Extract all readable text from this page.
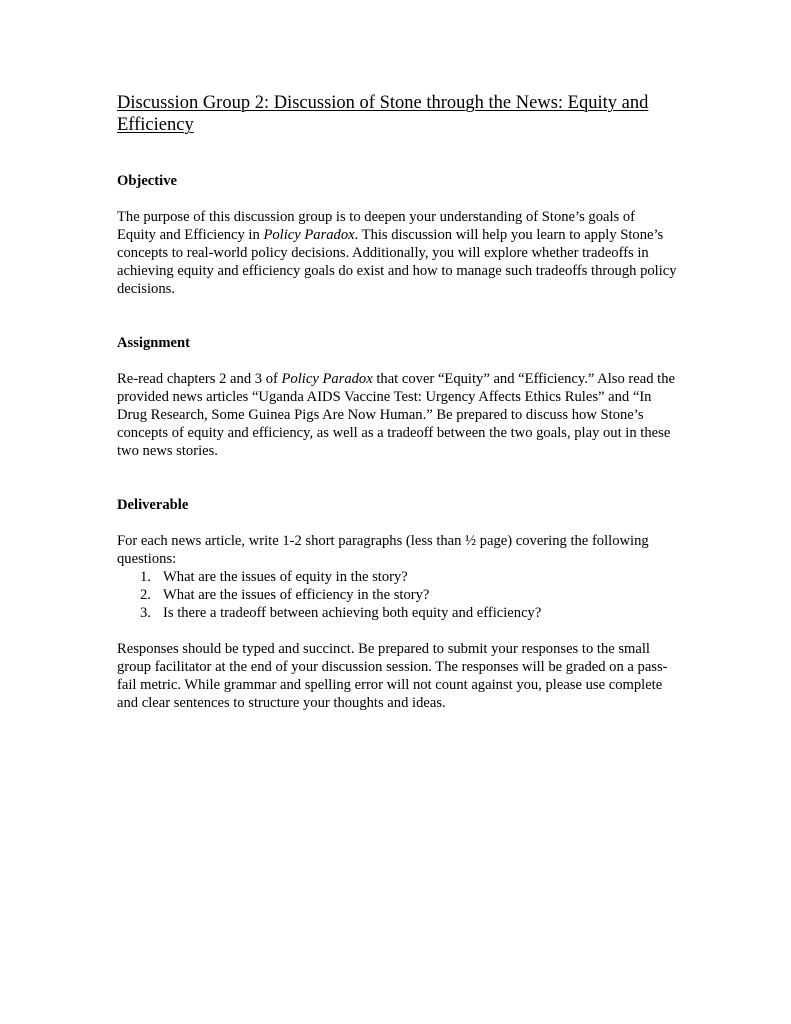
Discussion Group 2: Discussion of Stone through the News: Equity and Efficiency
Objective

The purpose of this discussion group is to deepen your understanding of Stone’s goals of Equity and Efficiency in Policy Paradox. This discussion will help you learn to apply Stone’s concepts to real-world policy decisions. Additionally, you will explore whether tradeoffs in achieving equity and efficiency goals do exist and how to manage such tradeoffs through policy decisions.

Assignment

Re-read chapters 2 and 3 of Policy Paradox that cover “Equity” and “Efficiency.” Also read the provided news articles “Uganda AIDS Vaccine Test: Urgency Affects Ethics Rules” and “In Drug Research, Some Guinea Pigs Are Now Human.” Be prepared to discuss how Stone’s concepts of equity and efficiency, as well as a tradeoff between the two goals, play out in these two news stories.

Deliverable

For each news article, write 1-2 short paragraphs (less than ½ page) covering the following questions:

1. What are the issues of equity in the story?
2. What are the issues of efficiency in the story?
3. Is there a tradeoff between achieving both equity and efficiency?

Responses should be typed and succinct. Be prepared to submit your responses to the small group facilitator at the end of your discussion session. The responses will be graded on a pass-fail metric. While grammar and spelling error will not count against you, please use complete and clear sentences to structure your thoughts and ideas.
